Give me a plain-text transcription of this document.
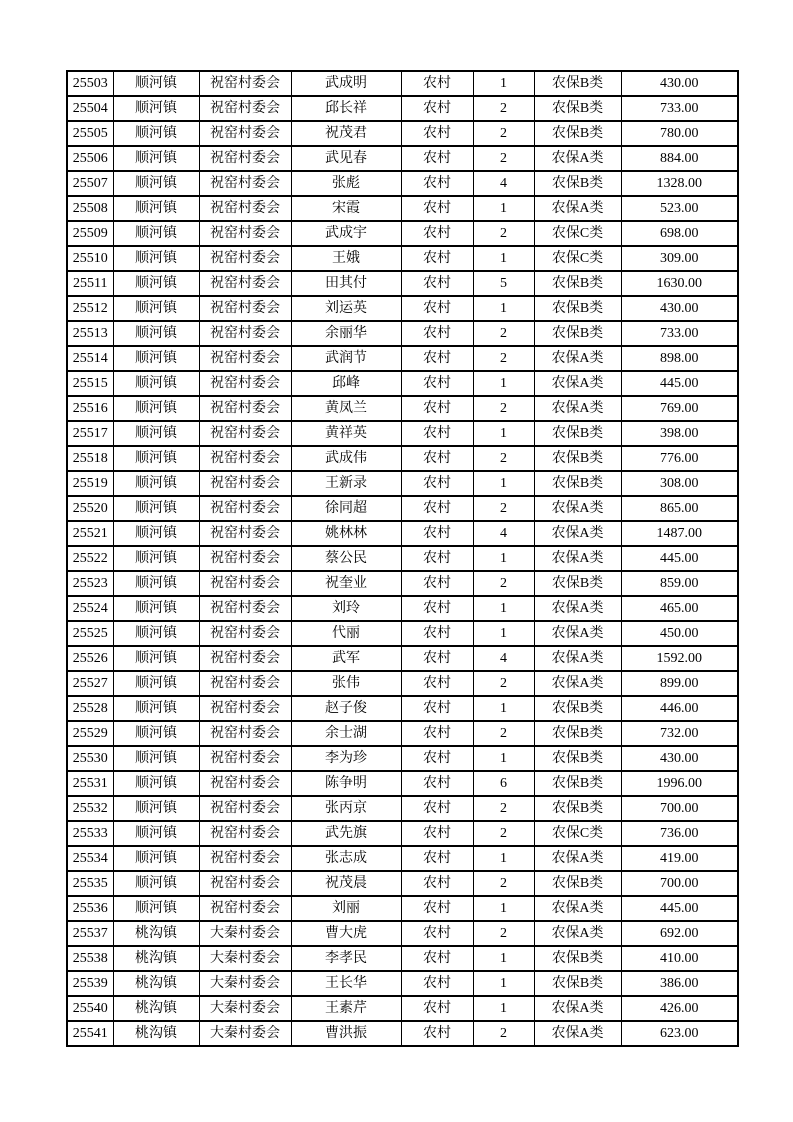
25503	顺河镇	祝窑村委会	武成明	农村	1	农保B类	430.00
25504	顺河镇	祝窑村委会	邱长祥	农村	2	农保B类	733.00
25505	顺河镇	祝窑村委会	祝茂君	农村	2	农保B类	780.00
25506	顺河镇	祝窑村委会	武见春	农村	2	农保A类	884.00
25507	顺河镇	祝窑村委会	张彪	农村	4	农保B类	1328.00
25508	顺河镇	祝窑村委会	宋霞	农村	1	农保A类	523.00
25509	顺河镇	祝窑村委会	武成宇	农村	2	农保C类	698.00
25510	顺河镇	祝窑村委会	王娥	农村	1	农保C类	309.00
25511	顺河镇	祝窑村委会	田其付	农村	5	农保B类	1630.00
25512	顺河镇	祝窑村委会	刘运英	农村	1	农保B类	430.00
25513	顺河镇	祝窑村委会	余丽华	农村	2	农保B类	733.00
25514	顺河镇	祝窑村委会	武润节	农村	2	农保A类	898.00
25515	顺河镇	祝窑村委会	邱峰	农村	1	农保A类	445.00
25516	顺河镇	祝窑村委会	黄凤兰	农村	2	农保A类	769.00
25517	顺河镇	祝窑村委会	黄祥英	农村	1	农保B类	398.00
25518	顺河镇	祝窑村委会	武成伟	农村	2	农保B类	776.00
25519	顺河镇	祝窑村委会	王新录	农村	1	农保B类	308.00
25520	顺河镇	祝窑村委会	徐同超	农村	2	农保A类	865.00
25521	顺河镇	祝窑村委会	姚林林	农村	4	农保A类	1487.00
25522	顺河镇	祝窑村委会	蔡公民	农村	1	农保A类	445.00
25523	顺河镇	祝窑村委会	祝奎业	农村	2	农保B类	859.00
25524	顺河镇	祝窑村委会	刘玲	农村	1	农保A类	465.00
25525	顺河镇	祝窑村委会	代丽	农村	1	农保A类	450.00
25526	顺河镇	祝窑村委会	武军	农村	4	农保A类	1592.00
25527	顺河镇	祝窑村委会	张伟	农村	2	农保A类	899.00
25528	顺河镇	祝窑村委会	赵子俊	农村	1	农保B类	446.00
25529	顺河镇	祝窑村委会	余士湖	农村	2	农保B类	732.00
25530	顺河镇	祝窑村委会	李为珍	农村	1	农保B类	430.00
25531	顺河镇	祝窑村委会	陈争明	农村	6	农保B类	1996.00
25532	顺河镇	祝窑村委会	张丙京	农村	2	农保B类	700.00
25533	顺河镇	祝窑村委会	武先旗	农村	2	农保C类	736.00
25534	顺河镇	祝窑村委会	张志成	农村	1	农保A类	419.00
25535	顺河镇	祝窑村委会	祝茂晨	农村	2	农保B类	700.00
25536	顺河镇	祝窑村委会	刘丽	农村	1	农保A类	445.00
25537	桃沟镇	大秦村委会	曹大虎	农村	2	农保A类	692.00
25538	桃沟镇	大秦村委会	李孝民	农村	1	农保B类	410.00
25539	桃沟镇	大秦村委会	王长华	农村	1	农保B类	386.00
25540	桃沟镇	大秦村委会	王素芹	农村	1	农保A类	426.00
25541	桃沟镇	大秦村委会	曹洪振	农村	2	农保A类	623.00
